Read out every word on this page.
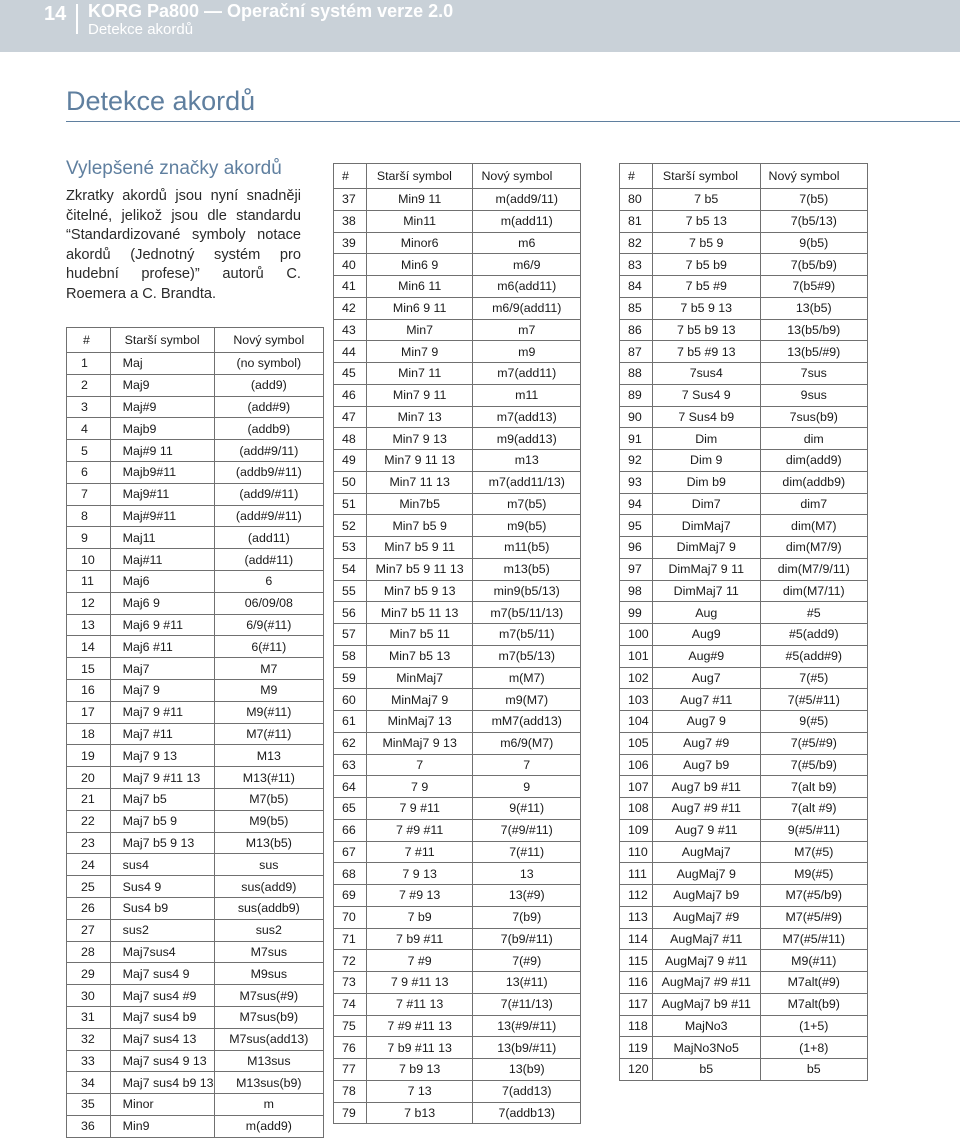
14 KORG Pa800 — Operační systém verze 2.0
Detekce akordů
Detekce akordů
Vylepšené značky akordů
Zkratky akordů jsou nyní snadněji čitelné, jelikož jsou dle standardu “Standardizované symboly notace akordů (Jednotný systém pro hudební profese)” autorů C. Roemera a C. Brandta.
#	Starší symbol	Nový symbol
1	Maj	(no symbol)
2	Maj9	(add9)
3	Maj#9	(add#9)
4	Majb9	(addb9)
5	Maj#9 11	(add#9/11)
6	Majb9#11	(addb9/#11)
7	Maj9#11	(add9/#11)
8	Maj#9#11	(add#9/#11)
9	Maj11	(add11)
10	Maj#11	(add#11)
11	Maj6	6
12	Maj6 9	06/09/08
13	Maj6 9 #11	6/9(#11)
14	Maj6 #11	6(#11)
15	Maj7	M7
16	Maj7 9	M9
17	Maj7 9 #11	M9(#11)
18	Maj7 #11	M7(#11)
19	Maj7 9 13	M13
20	Maj7 9 #11 13	M13(#11)
21	Maj7 b5	M7(b5)
22	Maj7 b5 9	M9(b5)
23	Maj7 b5 9 13	M13(b5)
24	sus4	sus
25	Sus4 9	sus(add9)
26	Sus4 b9	sus(addb9)
27	sus2	sus2
28	Maj7sus4	M7sus
29	Maj7 sus4 9	M9sus
30	Maj7 sus4 #9	M7sus(#9)
31	Maj7 sus4 b9	M7sus(b9)
32	Maj7 sus4 13	M7sus(add13)
33	Maj7 sus4 9 13	M13sus
34	Maj7 sus4 b9 13	M13sus(b9)
35	Minor	m
36	Min9	m(add9)
#	Starší symbol	Nový symbol
37	Min9 11	m(add9/11)
38	Min11	m(add11)
39	Minor6	m6
40	Min6 9	m6/9
41	Min6 11	m6(add11)
42	Min6 9 11	m6/9(add11)
43	Min7	m7
44	Min7 9	m9
45	Min7 11	m7(add11)
46	Min7 9 11	m11
47	Min7 13	m7(add13)
48	Min7 9 13	m9(add13)
49	Min7 9 11 13	m13
50	Min7 11 13	m7(add11/13)
51	Min7b5	m7(b5)
52	Min7 b5 9	m9(b5)
53	Min7 b5 9 11	m11(b5)
54	Min7 b5 9 11 13	m13(b5)
55	Min7 b5 9 13	min9(b5/13)
56	Min7 b5 11 13	m7(b5/11/13)
57	Min7 b5 11	m7(b5/11)
58	Min7 b5 13	m7(b5/13)
59	MinMaj7	m(M7)
60	MinMaj7 9	m9(M7)
61	MinMaj7 13	mM7(add13)
62	MinMaj7 9 13	m6/9(M7)
63	7	7
64	7 9	9
65	7 9 #11	9(#11)
66	7 #9 #11	7(#9/#11)
67	7 #11	7(#11)
68	7 9 13	13
69	7 #9 13	13(#9)
70	7 b9	7(b9)
71	7 b9 #11	7(b9/#11)
72	7 #9	7(#9)
73	7 9 #11 13	13(#11)
74	7 #11 13	7(#11/13)
75	7 #9 #11 13	13(#9/#11)
76	7 b9 #11 13	13(b9/#11)
77	7 b9 13	13(b9)
78	7 13	7(add13)
79	7 b13	7(addb13)
#	Starší symbol	Nový symbol
80	7 b5	7(b5)
81	7 b5 13	7(b5/13)
82	7 b5 9	9(b5)
83	7 b5 b9	7(b5/b9)
84	7 b5 #9	7(b5#9)
85	7 b5 9 13	13(b5)
86	7 b5 b9 13	13(b5/b9)
87	7 b5 #9 13	13(b5/#9)
88	7sus4	7sus
89	7 Sus4 9	9sus
90	7 Sus4 b9	7sus(b9)
91	Dim	dim
92	Dim 9	dim(add9)
93	Dim b9	dim(addb9)
94	Dim7	dim7
95	DimMaj7	dim(M7)
96	DimMaj7 9	dim(M7/9)
97	DimMaj7 9 11	dim(M7/9/11)
98	DimMaj7 11	dim(M7/11)
99	Aug	#5
100	Aug9	#5(add9)
101	Aug#9	#5(add#9)
102	Aug7	7(#5)
103	Aug7 #11	7(#5/#11)
104	Aug7 9	9(#5)
105	Aug7 #9	7(#5/#9)
106	Aug7 b9	7(#5/b9)
107	Aug7 b9 #11	7(alt b9)
108	Aug7 #9 #11	7(alt #9)
109	Aug7 9 #11	9(#5/#11)
110	AugMaj7	M7(#5)
111	AugMaj7 9	M9(#5)
112	AugMaj7 b9	M7(#5/b9)
113	AugMaj7 #9	M7(#5/#9)
114	AugMaj7 #11	M7(#5/#11)
115	AugMaj7 9 #11	M9(#11)
116	AugMaj7 #9 #11	M7alt(#9)
117	AugMaj7 b9 #11	M7alt(b9)
118	MajNo3	(1+5)
119	MajNo3No5	(1+8)
120	b5	b5
